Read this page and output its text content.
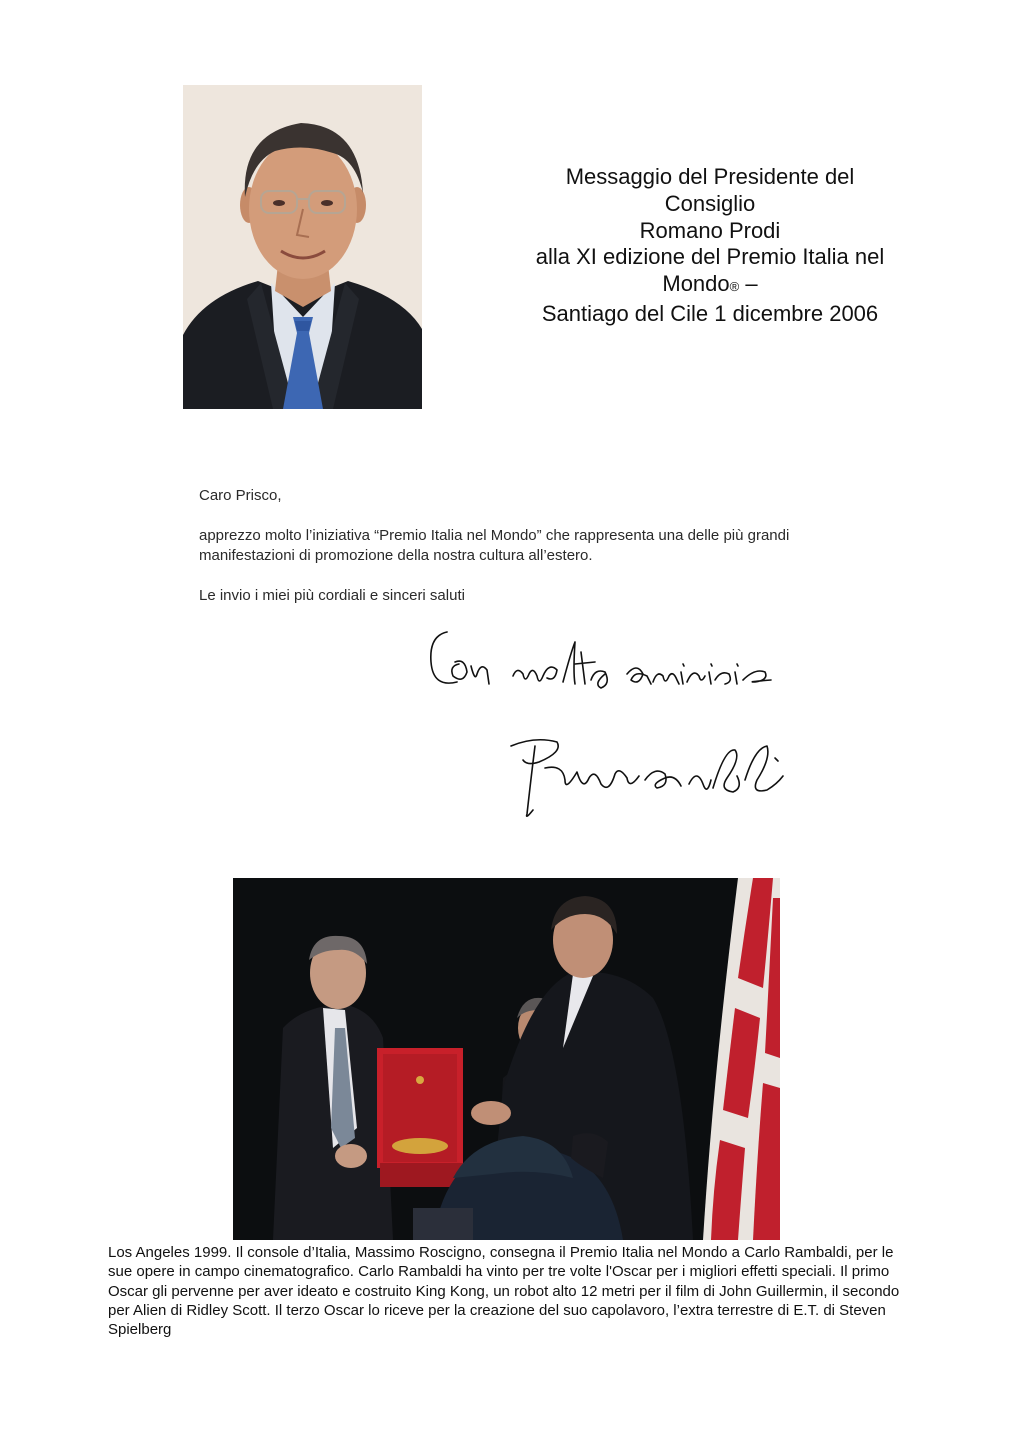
Messaggio del Presidente del
Consiglio
Romano Prodi
alla XI edizione del Premio Italia nel
Mondo® –
Santiago del Cile 1 dicembre 2006

Caro Prisco,

apprezzo molto l’iniziativa “Premio Italia nel Mondo” che rappresenta una delle più grandi manifestazioni di promozione della nostra cultura all’estero.

Le invio i miei più cordiali e sinceri saluti

Los Angeles 1999. Il console d’Italia, Massimo Roscigno, consegna il Premio Italia nel Mondo a Carlo Rambaldi, per le sue opere in campo cinematografico. Carlo Rambaldi ha vinto per tre volte l'Oscar per i migliori effetti speciali. Il primo Oscar gli pervenne per aver ideato e costruito King Kong, un robot alto 12 metri per il film di John Guillermin, il secondo per Alien di Ridley Scott. Il terzo Oscar lo riceve per la creazione del suo capolavoro, l’extra terrestre di E.T. di Steven Spielberg
